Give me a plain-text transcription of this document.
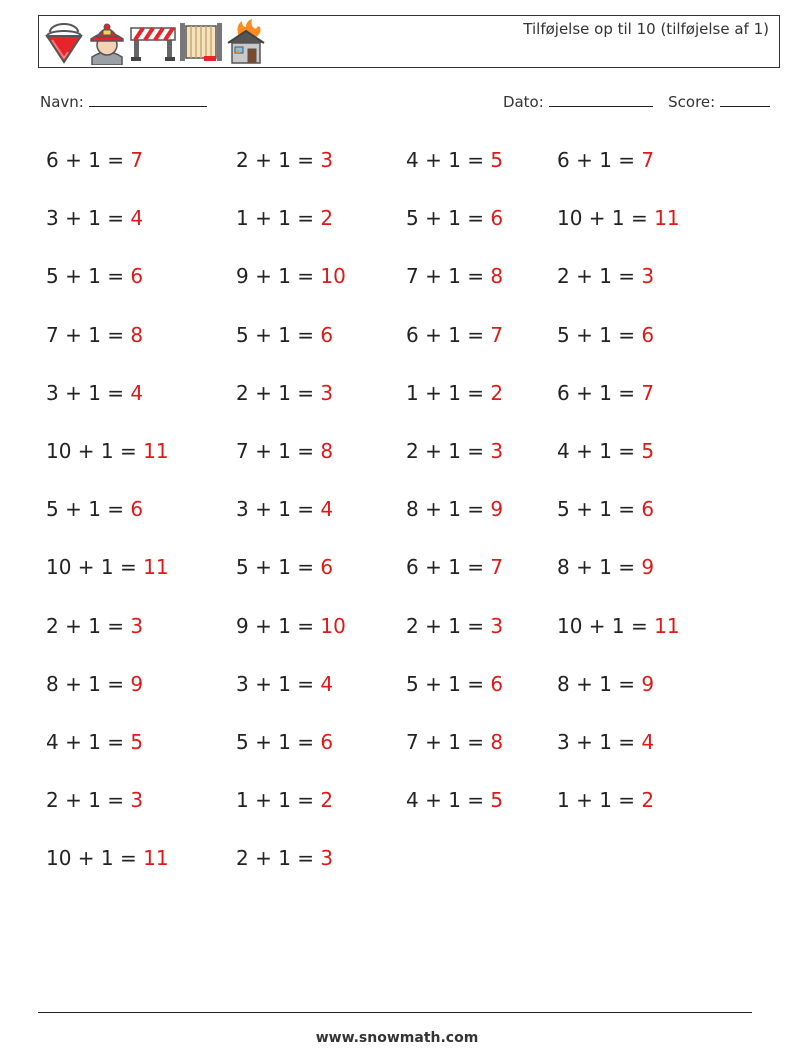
Tilføjelse op til 10 (tilføjelse af 1)
Navn:	Dato:	Score:
6 + 1 = 7
3 + 1 = 4
5 + 1 = 6
7 + 1 = 8
3 + 1 = 4
10 + 1 = 11
5 + 1 = 6
10 + 1 = 11
2 + 1 = 3
8 + 1 = 9
4 + 1 = 5
2 + 1 = 3
10 + 1 = 11
2 + 1 = 3
1 + 1 = 2
9 + 1 = 10
5 + 1 = 6
2 + 1 = 3
7 + 1 = 8
3 + 1 = 4
5 + 1 = 6
9 + 1 = 10
3 + 1 = 4
5 + 1 = 6
1 + 1 = 2
2 + 1 = 3
4 + 1 = 5
5 + 1 = 6
7 + 1 = 8
6 + 1 = 7
1 + 1 = 2
2 + 1 = 3
8 + 1 = 9
6 + 1 = 7
2 + 1 = 3
5 + 1 = 6
7 + 1 = 8
4 + 1 = 5
6 + 1 = 7
10 + 1 = 11
2 + 1 = 3
5 + 1 = 6
6 + 1 = 7
4 + 1 = 5
5 + 1 = 6
8 + 1 = 9
10 + 1 = 11
8 + 1 = 9
3 + 1 = 4
1 + 1 = 2
www.snowmath.com
